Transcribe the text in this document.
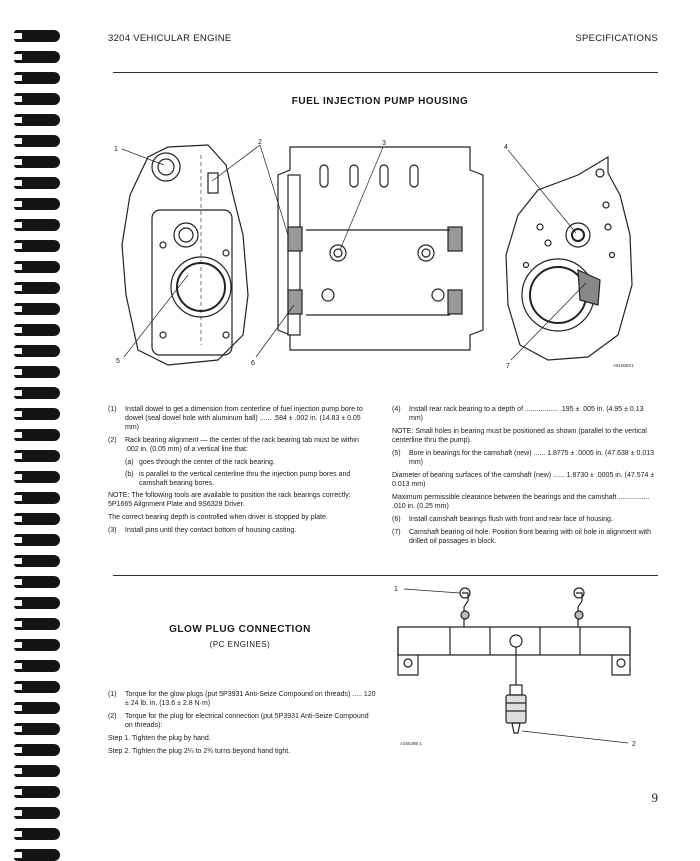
3204 VEHICULAR ENGINE	SPECIFICATIONS
FUEL INJECTION PUMP HOUSING
1
2	3
4
5	6	7	A61908X1
(1) Install dowel to get a dimension from centerline of fuel injection pump bore to dowel (seal dowel hole with aluminum ball) ...... .584 ± .002 in. (14.83 ± 0.05 mm)
(2) Rack bearing alignment — the center of the rack bearing tab must be within .002 in. (0.05 mm) of a vertical line that:
(a) goes through the center of the rack bearing.
(b) is parallel to the vertical centerline thru the injection pump bores and camshaft bearing bores.
NOTE: The following tools are available to position the rack bearings correctly: 5P1665 Alignment Plate and 9S6329 Driver.
The correct bearing depth is controlled when driver is stopped by plate.
(3) Install pins until they contact bottom of housing casting.
(4) Install rear rack bearing to a depth of ................. .195 ± .005 in. (4.95 ± 0.13 mm)
NOTE: Small holes in bearing must be positioned as shown (parallel to the vertical centerline thru the pump).
(5) Bore in bearings for the camshaft (new) ...... 1.8775 ± .0005 in. (47.638 ± 0.013 mm)
Diameter of bearing surfaces of the camshaft (new) ...... 1.8730 ± .0005 in. (47.574 ± 0.013 mm)
Maximum permissible clearance between the bearings and the camshaft ................ .010 in. (0.25 mm)
(6) Install camshaft bearings flush with front and rear face of housing.
(7) Camshaft bearing oil hole. Position front bearing with oil hole in alignment with drilled oil passages in block.
GLOW PLUG CONNECTION
(PC ENGINES)
(1) Torque for the glow plugs (put 5P3931 Anti-Seize Compound on threads) ..... 120 ± 24 lb. in. (13.6 ± 2.8 N·m)
(2) Torque for the plug for electrical connection (put 5P3931 Anti-Seize Compound on threads):
Step 1. Tighten the plug by hand.
Step 2. Tighten the plug 2¼ to 2¾ turns beyond hand tight.
1
2
A255398 1
9
